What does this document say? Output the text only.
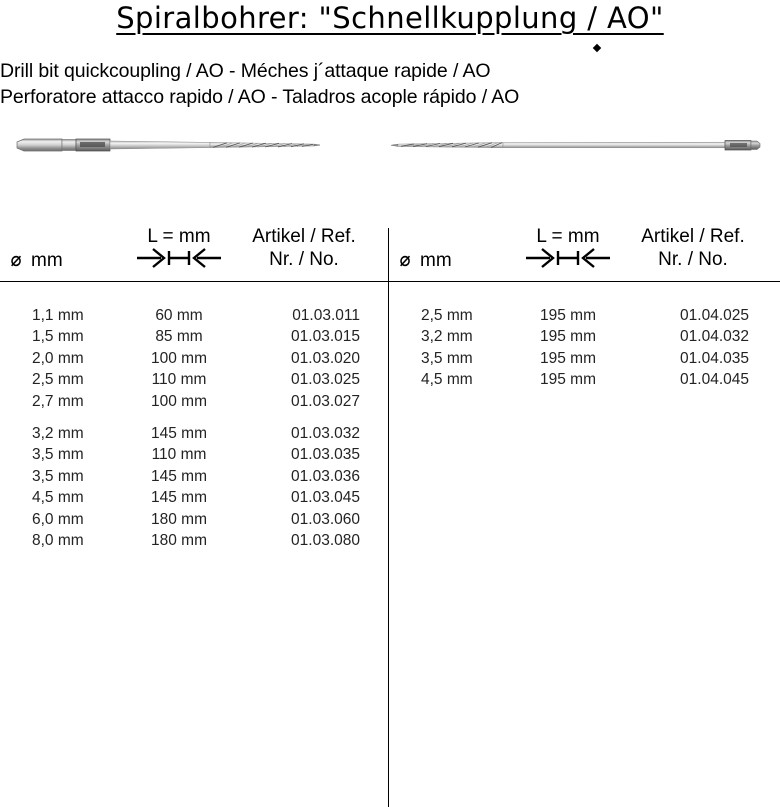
Spiralbohrer: "Schnellkupplung / AO"
Drill bit quickcoupling / AO - Méches j´attaque rapide / AO
Perforatore attacco rapido / AO - Taladros acople rápido / AO
⌀ mm
L = mm	Artikel / Ref.
Nr. / No.
1,1 mm	60 mm	01.03.011
1,5 mm	85 mm	01.03.015
2,0 mm	100 mm	01.03.020
2,5 mm	110 mm	01.03.025
2,7 mm	100 mm	01.03.027
3,2 mm	145 mm	01.03.032
3,5 mm	110 mm	01.03.035
3,5 mm	145 mm	01.03.036
4,5 mm	145 mm	01.03.045
6,0 mm	180 mm	01.03.060
8,0 mm	180 mm	01.03.080
⌀ mm
L = mm	Artikel / Ref.
Nr. / No.
2,5 mm	195 mm	01.04.025
3,2 mm	195 mm	01.04.032
3,5 mm	195 mm	01.04.035
4,5 mm	195 mm	01.04.045
